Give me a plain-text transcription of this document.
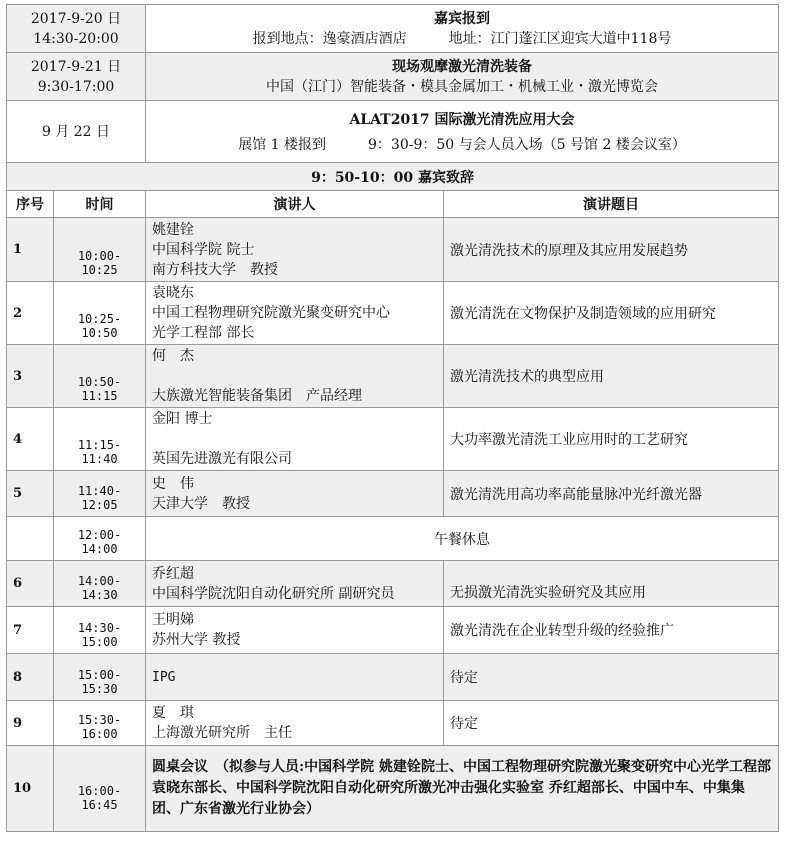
2017-9-20 日
14:30-20:00		嘉宾报到
报到地点：逸豪酒店酒店　　　地址：江门蓬江区迎宾大道中118号	

2017-9-21 日
9:30-17:00		现场观摩激光清洗装备
中国（江门）智能装备・模具金属加工・机械工业・激光博览会	

9 月 22 日		ALAT2017 国际激光清洗应用大会
展馆 1 楼报到　　　9：30-9：50 与会人员入场（5 号馆 2 楼会议室）	

9：50-10：00 嘉宾致辞			
序号	时间	演讲人	演讲题目
1	10:00-10:25	姚建铨
中国科学院 院士
南方科技大学　教授	激光清洗技术的原理及其应用发展趋势
2	10:25-10:50	袁晓东
中国工程物理研究院激光聚变研究中心
光学工程部 部长	激光清洗在文物保护及制造领域的应用研究
3	10:50-11:15	何　杰

大族激光智能装备集团　产品经理	激光清洗技术的典型应用
4	11:15-11:40	金阳 博士

英国先进激光有限公司	大功率激光清洗工业应用时的工艺研究
5	11:40-12:05	史　伟
天津大学　教授	激光清洗用高功率高能量脉冲光纤激光器
	12:00-14:00	午餐休息	
6	14:00-14:30	乔红超
中国科学院沈阳自动化研究所 副研究员	无损激光清洗实验研究及其应用
7	14:30-15:00	王明娣
苏州大学 教授	激光清洗在企业转型升级的经验推广
8	15:00-15:30	IPG	待定
9	15:30-16:00	夏　琪
上海激光研究所　主任	待定
10	16:00-16:45	圆桌会议　（拟参与人员:中国科学院 姚建铨院士、中国工程物理研究院激光聚变研究中心光学工程部 袁晓东部长、中国科学院沈阳自动化研究所激光冲击强化实验室 乔红超部长、中国中车、中集集团、广东省激光行业协会）	
